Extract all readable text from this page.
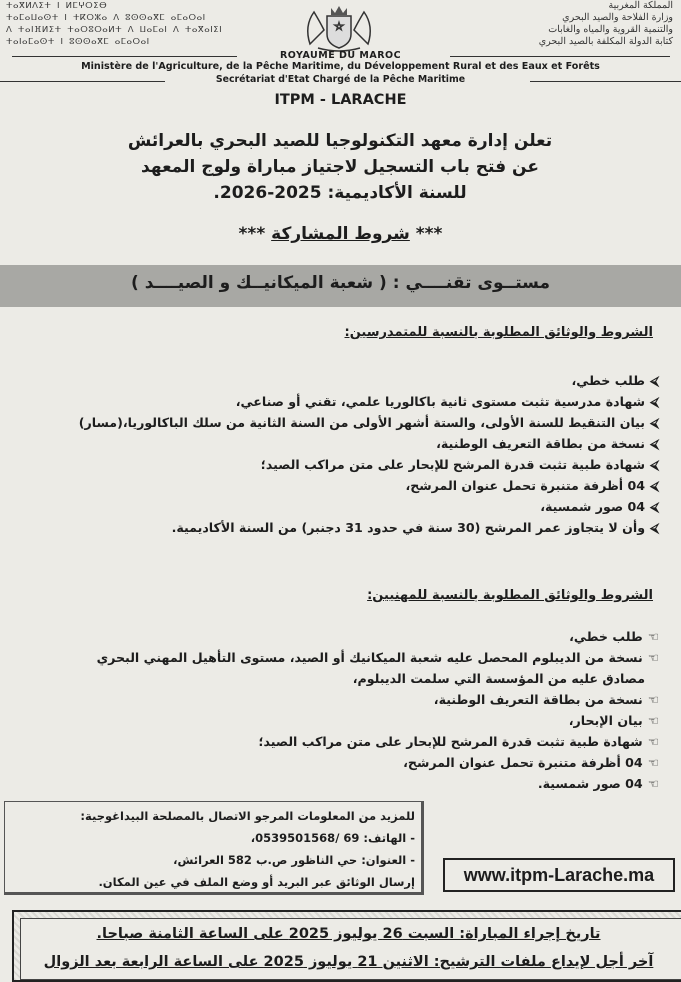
ⵜⴰⴳⵍⴷⵉⵜ ⵏ ⵍⵎⵖⵔⵉⴱ
ⵜⴰⵎⴰⵡⴰⵙⵜ ⵏ ⵜⴽⵔⵣⴰ ⴷ ⵓⵙⵙⴰⴳⵎ ⴰⵎⴰⵔⴰⵏ
ⴷ ⵜⴰⵏⴼⵍⵉⵜ ⵜⴰⵔⵓⵔⴰⵍⵜ ⴷ ⵡⴰⵎⴰⵏ ⴷ ⵜⴰⴳⴰⵏⵉⵏ
ⵜⴰⵏⴰⵎⴰⵙⵜ ⵏ ⵓⵙⵙⴰⴳⵎ ⴰⵎⴰⵔⴰⵏ
المملكة المغربية
وزارة الفلاحة والصيد البحري
والتنمية القروية والمياه والغابات
كتابة الدولة المكلفة بالصيد البحري
ROYAUME DU MAROC
Ministère de l'Agriculture, de la Pêche Maritime, du Développement Rural et des Eaux et Forêts
Secrétariat d'Etat Chargé de la Pêche Maritime
ITPM - LARACHE
تعلن إدارة معهد التكنولوجيا للصيد البحري بالعرائش
عن فتح باب التسجيل لاجتياز مباراة ولوج المعهد
للسنة الأكاديمية: 2025-2026.
*** شروط المشاركة ***
مستــوى تقنــــي : ( شعبة الميكانيــك و الصيــــد )
الشروط والوثائق المطلوبة بالنسبة للمتمدرسين:
⮘طلب خطي،
⮘شهادة مدرسية تثبت مستوى ثانية باكالوريا علمي، تقني أو صناعي،
⮘بيان التنقيط للسنة الأولى، والستة أشهر الأولى من السنة الثانية من سلك الباكالوريا،(مسار)
⮘نسخة من بطاقة التعريف الوطنية،
⮘شهادة طبية تثبت قدرة المرشح للإبحار على متن مراكب الصيد؛
⮘04 أظرفة متنبرة تحمل عنوان المرشح،
⮘04 صور شمسية،
⮘وأن لا يتجاوز عمر المرشح (30 سنة في حدود 31 دجنبر) من السنة الأكاديمية.
الشروط والوثائق المطلوبة بالنسبة للمهنيين:
☜طلب خطي،
☜نسخة من الديبلوم المحصل عليه شعبة الميكانيك أو الصيد، مستوى التأهيل المهني البحري
مصادق عليه من المؤسسة التي سلمت الديبلوم،
☜نسخة من بطاقة التعريف الوطنية،
☜بيان الإبحار،
☜شهادة طبية تثبت قدرة المرشح للإبحار على متن مراكب الصيد؛
☜04 أظرفة متنبرة تحمل عنوان المرشح،
☜04 صور شمسية.
للمزيد من المعلومات المرجو الاتصال بالمصلحة البيداغوجية:
- الهاتف: 69 /0539501568،
- العنوان: حي الناظور ص.ب 582 العرائش،
إرسال الوثائق عبر البريد أو وضع الملف في عين المكان.	www.itpm-Larache.ma
تاريخ إجراء المباراة: السبت 26 يوليوز 2025 على الساعة الثامنة صباحا.
آخر أجل لإيداع ملفات الترشيح: الاثنين 21 يوليوز 2025 على الساعة الرابعة بعد الزوال
